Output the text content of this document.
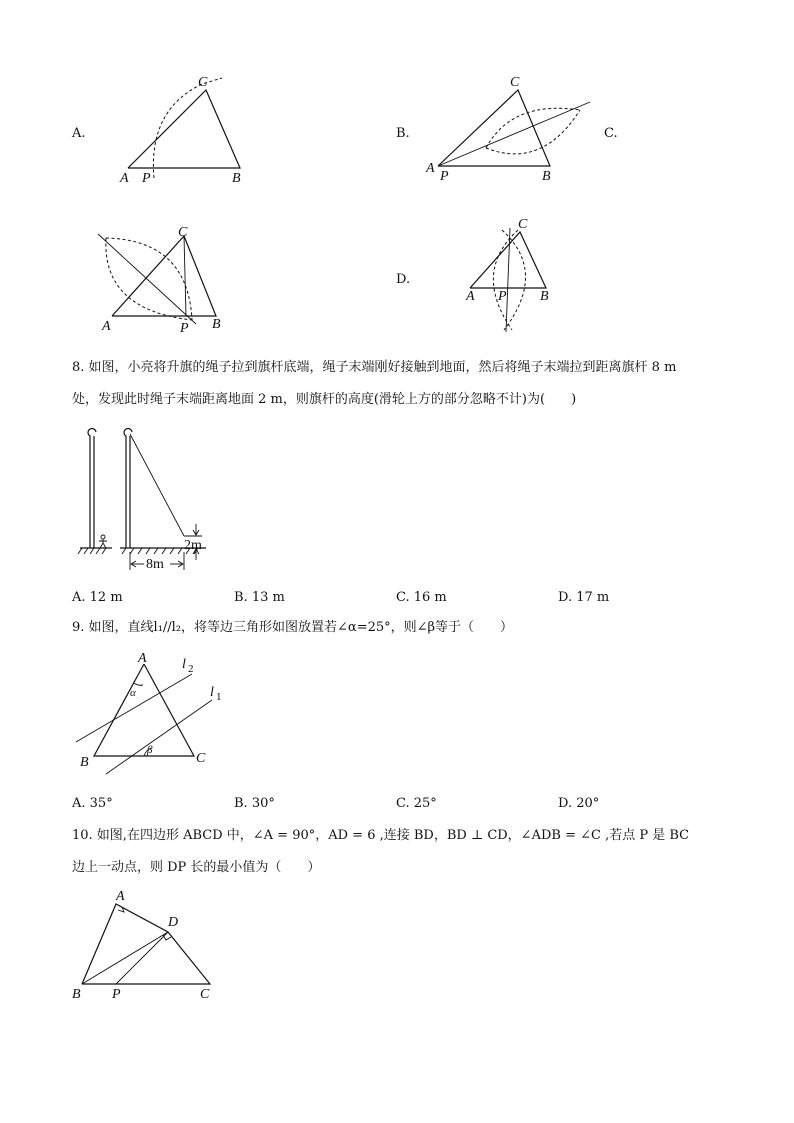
A.
A P	B
C
B.
A
P	B
C
C.
A	P B
C
D.
A P B
C
8. 如图，小亮将升旗的绳子拉到旗杆底端，绳子末端刚好接触到地面，然后将绳子末端拉到距离旗杆 8 m
处，发现此时绳子末端距离地面 2 m，则旗杆的高度(滑轮上方的部分忽略不计)为(　　)
2m
8m
A. 12 m	B. 13 m	C. 16 m	D. 17 m
9. 如图，直线l₁//l₂，将等边三角形如图放置若∠α=25°，则∠β等于（　　）
A
B	C
α
β
l 2
l 1
A. 35°	B. 30°	C. 25°	D. 20°
10. 如图,在四边形 ABCD 中，∠A = 90°，AD = 6 ,连接 BD，BD ⊥ CD，∠ADB = ∠C ,若点 P 是 BC
边上一动点，则 DP 长的最小值为（　　）
A
B	C
D
P
